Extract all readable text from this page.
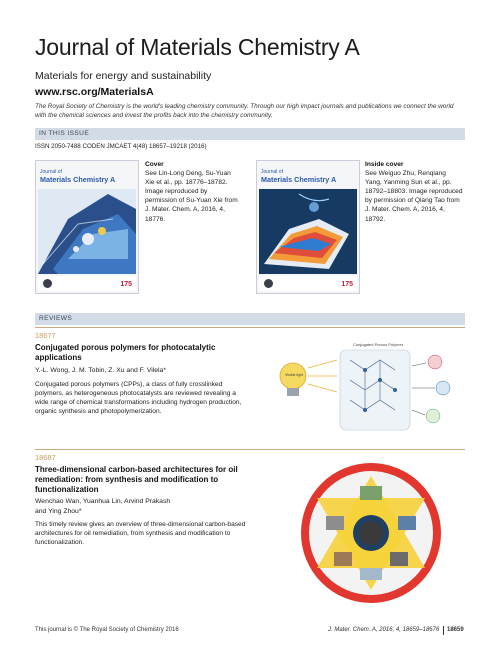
Journal of Materials Chemistry A
Materials for energy and sustainability
www.rsc.org/MaterialsA
The Royal Society of Chemistry is the world's leading chemistry community. Through our high impact journals and publications we connect the world with the chemical sciences and invest the profits back into the chemistry community.
IN THIS ISSUE
ISSN 2050-7488 CODEN JMCAET 4(48) 18657–19218 (2016)
Journal of
Materials Chemistry A
175
Cover
See Lin-Long Deng, Su-Yuan Xie et al., pp. 18776–18782. Image reproduced by permission of Su-Yuan Xie from J. Mater. Chem. A, 2016, 4, 18776.
Journal of
Materials Chemistry A
175
Inside cover
See Weiguo Zhu, Renqiang Yang, Yanming Sun et al., pp. 18792–18803. Image reproduced by permission of Qiang Tao from J. Mater. Chem. A, 2016, 4, 18792.
REVIEWS
18677
Conjugated porous polymers for photocatalytic applications
Y.-L. Wong, J. M. Tobin, Z. Xu and F. Vilela*
Conjugated porous polymers (CPPs), a class of fully crosslinked polymers, as heterogeneous photocatalysts are reviewed revealing a wide range of chemical transformations including hydrogen production, organic synthesis and photopolymerization.
Conjugated Porous Polymer
Visible light
18687
Three-dimensional carbon-based architectures for oil remediation: from synthesis and modification to functionalization
Wenchao Wan, Yuanhua Lin, Arvind Prakash
and Ying Zhou*
This timely review gives an overview of three-dimensional carbon-based architectures for oil remediation, from synthesis and modification to functionalization.
This journal is © The Royal Society of Chemistry 2016	J. Mater. Chem. A, 2016, 4, 18659–18676 18659
